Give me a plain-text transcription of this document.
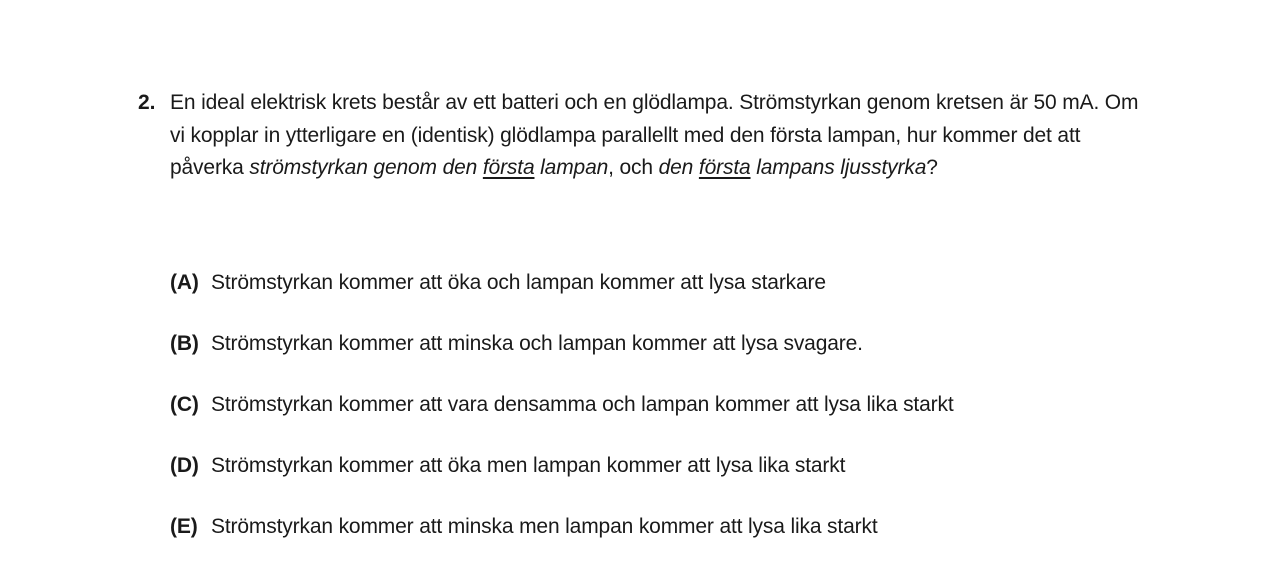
2. En ideal elektrisk krets består av ett batteri och en glödlampa. Strömstyrkan genom kretsen är 50 mA. Om vi kopplar in ytterligare en (identisk) glödlampa parallellt med den första lampan, hur kommer det att påverka strömstyrkan genom den första lampan, och den första lampans ljusstyrka?
(A) Strömstyrkan kommer att öka och lampan kommer att lysa starkare
(B) Strömstyrkan kommer att minska och lampan kommer att lysa svagare.
(C) Strömstyrkan kommer att vara densamma och lampan kommer att lysa lika starkt
(D) Strömstyrkan kommer att öka men lampan kommer att lysa lika starkt
(E) Strömstyrkan kommer att minska men lampan kommer att lysa lika starkt
